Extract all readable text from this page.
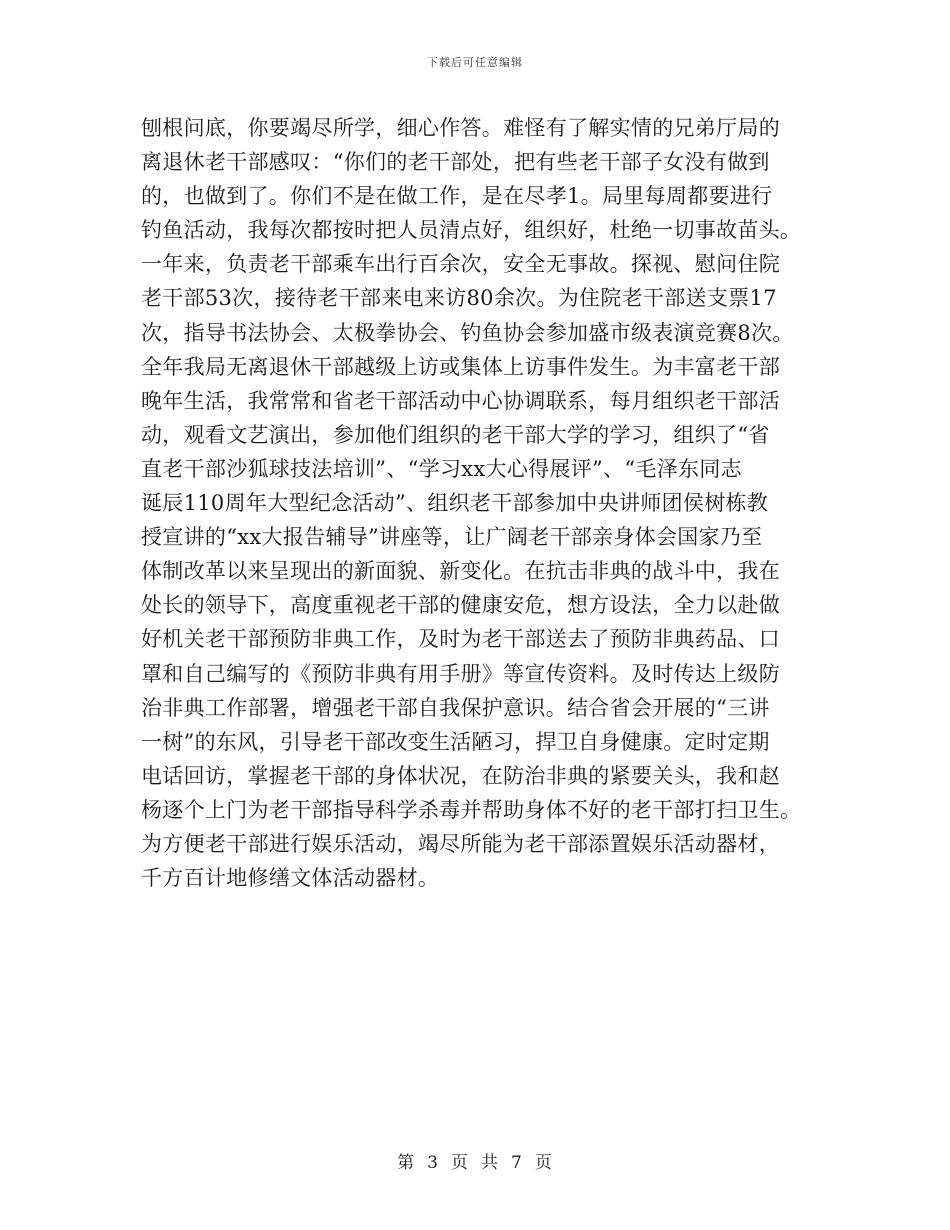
下载后可任意编辑
刨根问底，你要竭尽所学，细心作答。难怪有了解实情的兄弟厅局的
离退休老干部感叹：“你们的老干部处，把有些老干部子女没有做到
的，也做到了。你们不是在做工作，是在尽孝1。局里每周都要进行
钓鱼活动，我每次都按时把人员清点好，组织好，杜绝一切事故苗头。
一年来，负责老干部乘车出行百余次，安全无事故。探视、慰问住院
老干部53次，接待老干部来电来访80余次。为住院老干部送支票17
次，指导书法协会、太极拳协会、钓鱼协会参加盛市级表演竞赛8次。
全年我局无离退休干部越级上访或集体上访事件发生。为丰富老干部
晚年生活，我常常和省老干部活动中心协调联系，每月组织老干部活
动，观看文艺演出，参加他们组织的老干部大学的学习，组织了“省
直老干部沙狐球技法培训”、“学习xx大心得展评”、“毛泽东同志
诞辰110周年大型纪念活动”、组织老干部参加中央讲师团侯树栋教
授宣讲的“xx大报告辅导”讲座等，让广阔老干部亲身体会国家乃至
体制改革以来呈现出的新面貌、新变化。在抗击非典的战斗中，我在
处长的领导下，高度重视老干部的健康安危，想方设法，全力以赴做
好机关老干部预防非典工作，及时为老干部送去了预防非典药品、口
罩和自己编写的《预防非典有用手册》等宣传资料。及时传达上级防
治非典工作部署，增强老干部自我保护意识。结合省会开展的“三讲
一树”的东风，引导老干部改变生活陋习，捍卫自身健康。定时定期
电话回访，掌握老干部的身体状况，在防治非典的紧要关头，我和赵
杨逐个上门为老干部指导科学杀毒并帮助身体不好的老干部打扫卫生。
为方便老干部进行娱乐活动，竭尽所能为老干部添置娱乐活动器材，
千方百计地修缮文体活动器材。
第 3 页 共 7 页
